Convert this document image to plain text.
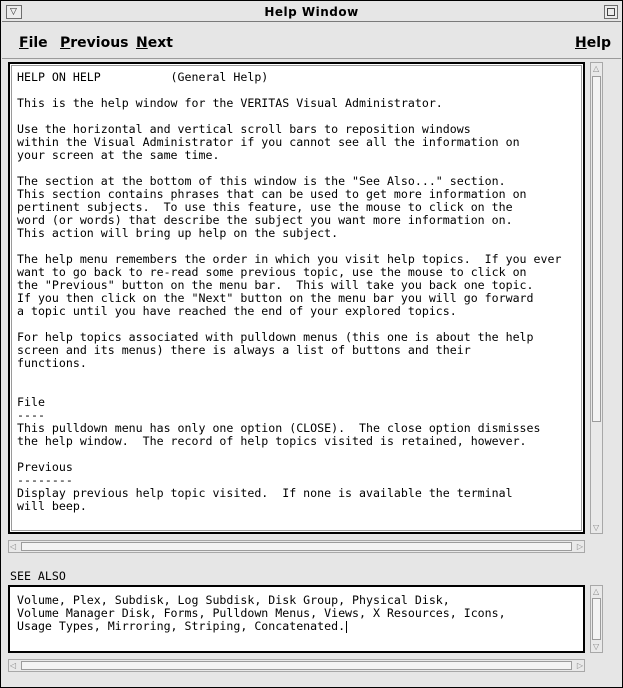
▽	Help Window
File Previous Next	Help
HELP ON HELP          (General Help)

This is the help window for the VERITAS Visual Administrator.

Use the horizontal and vertical scroll bars to reposition windows
within the Visual Administrator if you cannot see all the information on
your screen at the same time.

The section at the bottom of this window is the "See Also..." section.
This section contains phrases that can be used to get more information on
pertinent subjects.  To use this feature, use the mouse to click on the
word (or words) that describe the subject you want more information on.
This action will bring up help on the subject.

The help menu remembers the order in which you visit help topics.  If you ever
want to go back to re-read some previous topic, use the mouse to click on
the "Previous" button on the menu bar.  This will take you back one topic.
If you then click on the "Next" button on the menu bar you will go forward
a topic until you have reached the end of your explored topics.

For help topics associated with pulldown menus (this one is about the help
screen and its menus) there is always a list of buttons and their
functions.

File
----
This pulldown menu has only one option (CLOSE).  The close option dismisses
the help window.  The record of help topics visited is retained, however.

Previous
--------
Display previous help topic visited.  If none is available the terminal
will beep.
△
▽
◁	▷
SEE ALSO
Volume, Plex, Subdisk, Log Subdisk, Disk Group, Physical Disk,
Volume Manager Disk, Forms, Pulldown Menus, Views, X Resources, Icons,
Usage Types, Mirroring, Striping, Concatenated.
△
▽
◁	▷
